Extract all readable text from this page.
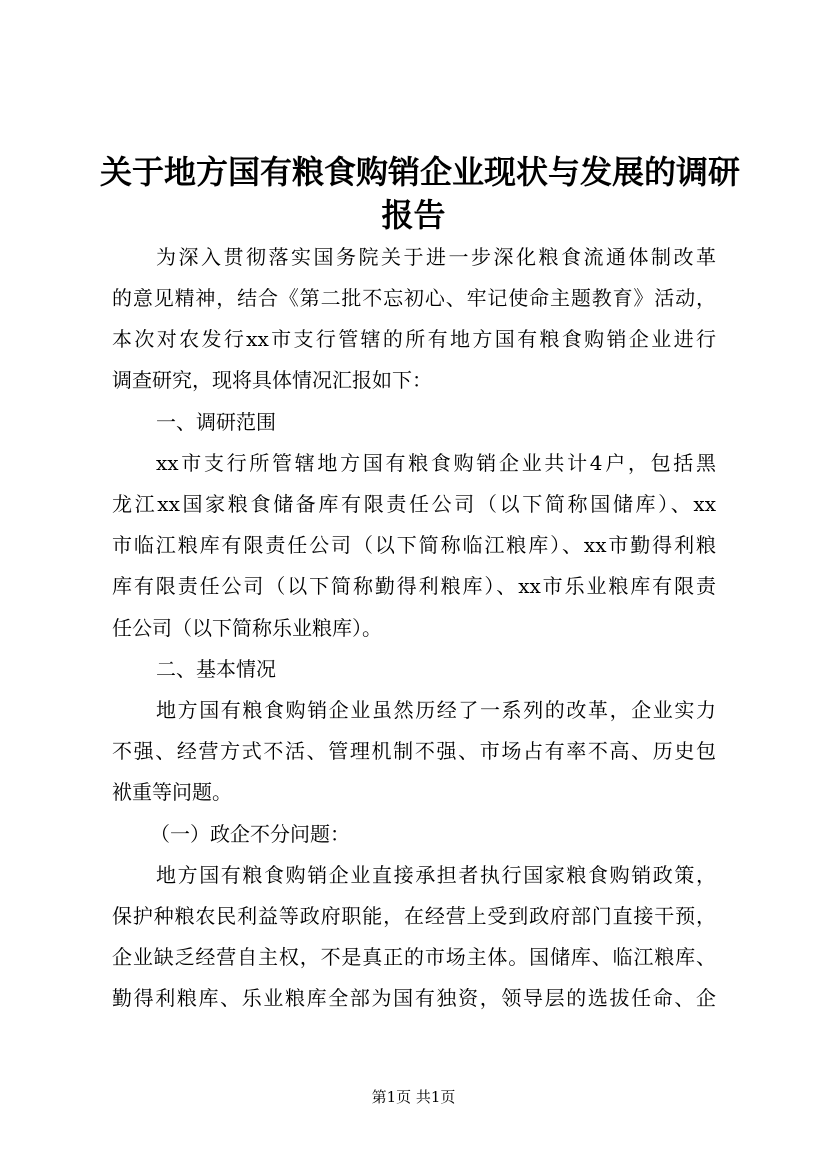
关于地方国有粮食购销企业现状与发展的调研
报告
为深入贯彻落实国务院关于进一步深化粮食流通体制改革
的意见精神，结合《第二批不忘初心、牢记使命主题教育》活动，
本次对农发行xx市支行管辖的所有地方国有粮食购销企业进行
调查研究，现将具体情况汇报如下：
一、调研范围
xx市支行所管辖地方国有粮食购销企业共计4户，包括黑
龙江xx国家粮食储备库有限责任公司（以下简称国储库）、xx
市临江粮库有限责任公司（以下简称临江粮库）、xx市勤得利粮
库有限责任公司（以下简称勤得利粮库）、xx市乐业粮库有限责
任公司（以下简称乐业粮库）。
二、基本情况
地方国有粮食购销企业虽然历经了一系列的改革，企业实力
不强、经营方式不活、管理机制不强、市场占有率不高、历史包
袱重等问题。
（一）政企不分问题：
地方国有粮食购销企业直接承担者执行国家粮食购销政策，
保护种粮农民利益等政府职能，在经营上受到政府部门直接干预，
企业缺乏经营自主权，不是真正的市场主体。国储库、临江粮库、
勤得利粮库、乐业粮库全部为国有独资，领导层的选拔任命、企
第1页 共1页
